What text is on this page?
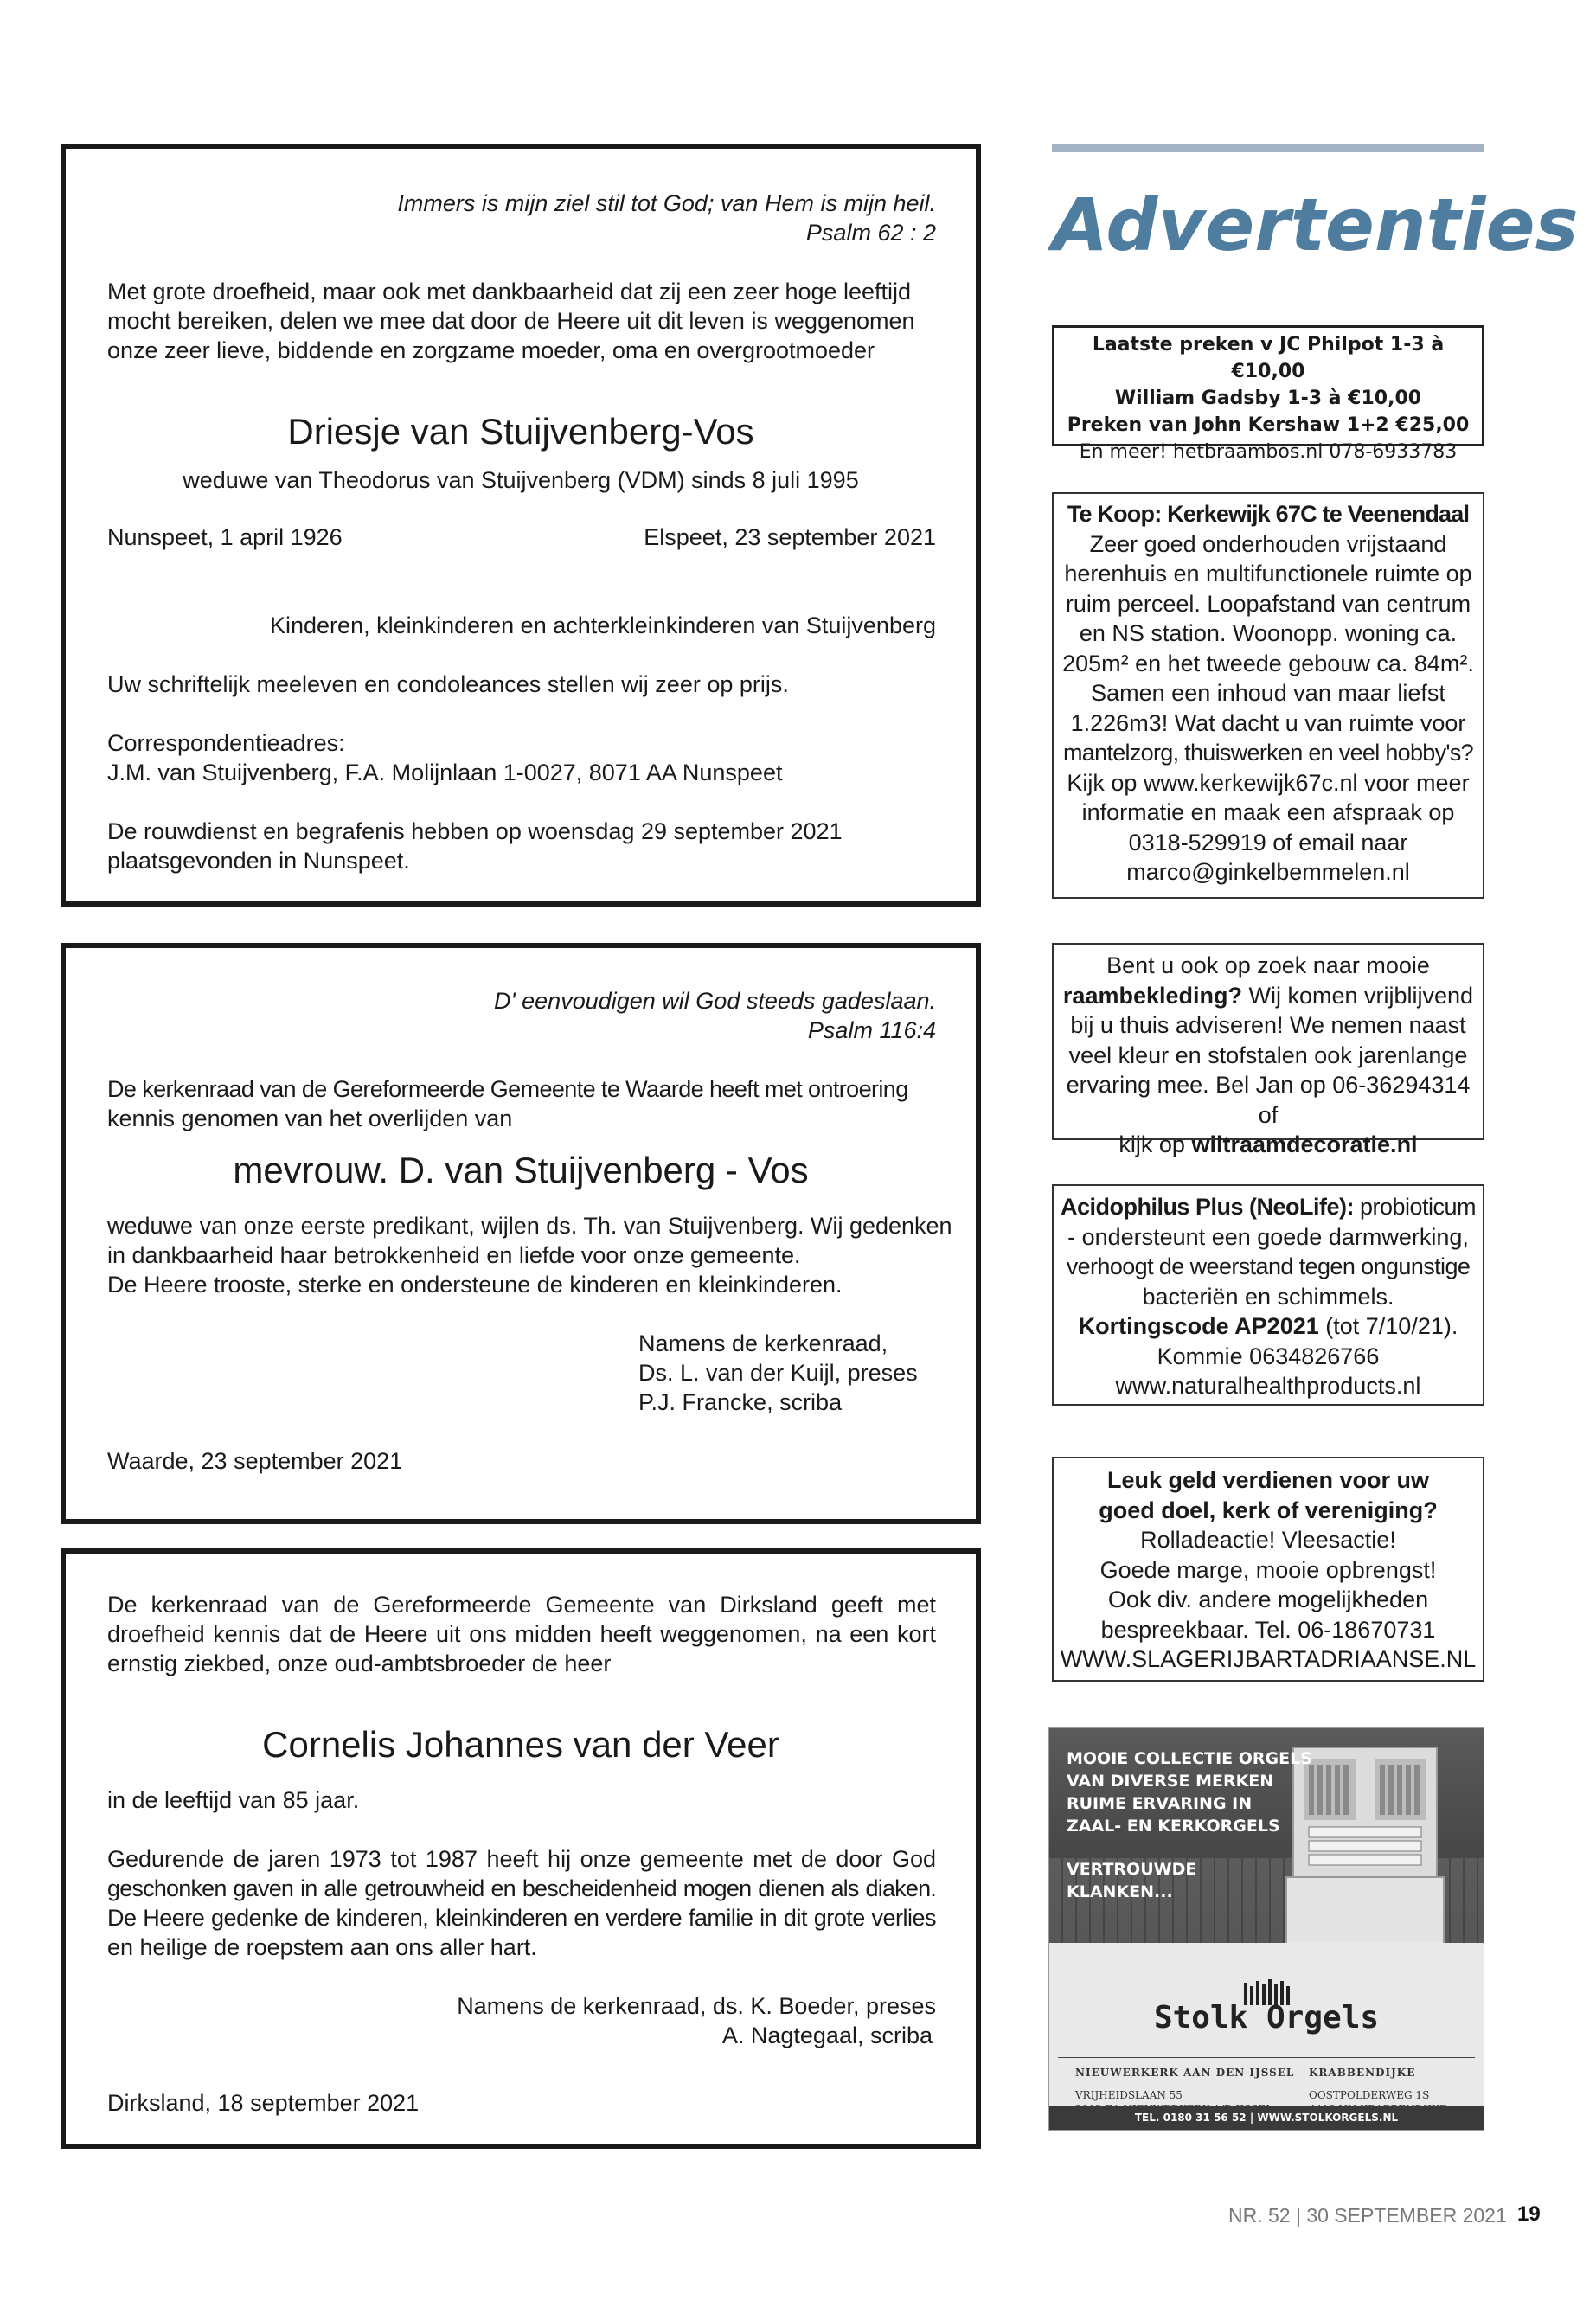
Immers is mijn ziel stil tot God; van Hem is mijn heil.
Psalm 62 : 2
Met grote droefheid, maar ook met dankbaarheid dat zij een zeer hoge leeftijd
mocht bereiken, delen we mee dat door de Heere uit dit leven is weggenomen
onze zeer lieve, biddende en zorgzame moeder, oma en overgrootmoeder
Driesje van Stuijvenberg-Vos
weduwe van Theodorus van Stuijvenberg (VDM) sinds 8 juli 1995
Nunspeet, 1 april 1926	Elspeet, 23 september 2021
Kinderen, kleinkinderen en achterkleinkinderen van Stuijvenberg
Uw schriftelijk meeleven en condoleances stellen wij zeer op prijs.
Correspondentieadres:
J.M. van Stuijvenberg, F.A. Molijnlaan 1-0027, 8071 AA Nunspeet
De rouwdienst en begrafenis hebben op woensdag 29 september 2021
plaatsgevonden in Nunspeet.
D' eenvoudigen wil God steeds gadeslaan.
Psalm 116:4
De kerkenraad van de Gereformeerde Gemeente te Waarde heeft met ontroering
kennis genomen van het overlijden van
mevrouw. D. van Stuijvenberg - Vos
weduwe van onze eerste predikant, wijlen ds. Th. van Stuijvenberg. Wij gedenken
in dankbaarheid haar betrokkenheid en liefde voor onze gemeente.
De Heere trooste, sterke en ondersteune de kinderen en kleinkinderen.
Namens de kerkenraad,
Ds. L. van der Kuijl, preses
P.J. Francke, scriba
Waarde, 23 september 2021
De kerkenraad van de Gereformeerde Gemeente van Dirksland geeft met
droefheid kennis dat de Heere uit ons midden heeft weggenomen, na een kort
ernstig ziekbed, onze oud-ambtsbroeder de heer
Cornelis Johannes van der Veer
in de leeftijd van 85 jaar.
Gedurende de jaren 1973 tot 1987 heeft hij onze gemeente met de door God
geschonken gaven in alle getrouwheid en bescheidenheid mogen dienen als diaken.
De Heere gedenke de kinderen, kleinkinderen en verdere familie in dit grote verlies
en heilige de roepstem aan ons aller hart.
Namens de kerkenraad, ds. K. Boeder, preses
A. Nagtegaal, scriba
Dirksland, 18 september 2021
Advertenties
Laatste preken v JC Philpot 1-3 à €10,00
William Gadsby 1-3 à €10,00
Preken van John Kershaw 1+2 €25,00
En meer! hetbraambos.nl 078-6933783
Te Koop: Kerkewijk 67C te Veenendaal
Zeer goed onderhouden vrijstaand
herenhuis en multifunctionele ruimte op
ruim perceel. Loopafstand van centrum
en NS station. Woonopp. woning ca.
205m² en het tweede gebouw ca. 84m².
Samen een inhoud van maar liefst
1.226m3! Wat dacht u van ruimte voor
mantelzorg, thuiswerken en veel hobby's?
Kijk op www.kerkewijk67c.nl voor meer
informatie en maak een afspraak op
0318-529919 of email naar
marco@ginkelbemmelen.nl
Bent u ook op zoek naar mooie
raambekleding? Wij komen vrijblijvend
bij u thuis adviseren! We nemen naast
veel kleur en stofstalen ook jarenlange
ervaring mee. Bel Jan op 06-36294314 of
kijk op wiltraamdecoratie.nl
Acidophilus Plus (NeoLife): probioticum
- ondersteunt een goede darmwerking,
verhoogt de weerstand tegen ongunstige
bacteriën en schimmels.
Kortingscode AP2021 (tot 7/10/21).
Kommie 0634826766
www.naturalhealthproducts.nl
Leuk geld verdienen voor uw
goed doel, kerk of vereniging?
Rolladeactie! Vleesactie!
Goede marge, mooie opbrengst!
Ook div. andere mogelijkheden
bespreekbaar. Tel. 06-18670731
WWW.SLAGERIJBARTADRIAANSE.NL
MOOIE COLLECTIE ORGELS
VAN DIVERSE MERKEN
RUIME ERVARING IN
ZAAL- EN KERKORGELS
VERTROUWDE
KLANKEN...
Stolk Orgels
NIEUWERKERK AAN DEN IJSSEL
VRIJHEIDSLAAN 55
KRABBENDIJKE
OOSTPOLDERWEG 1S
TEL. 0180 31 56 52 | WWW.STOLKORGELS.NL
NR. 52 | 30 SEPTEMBER 2021 19
